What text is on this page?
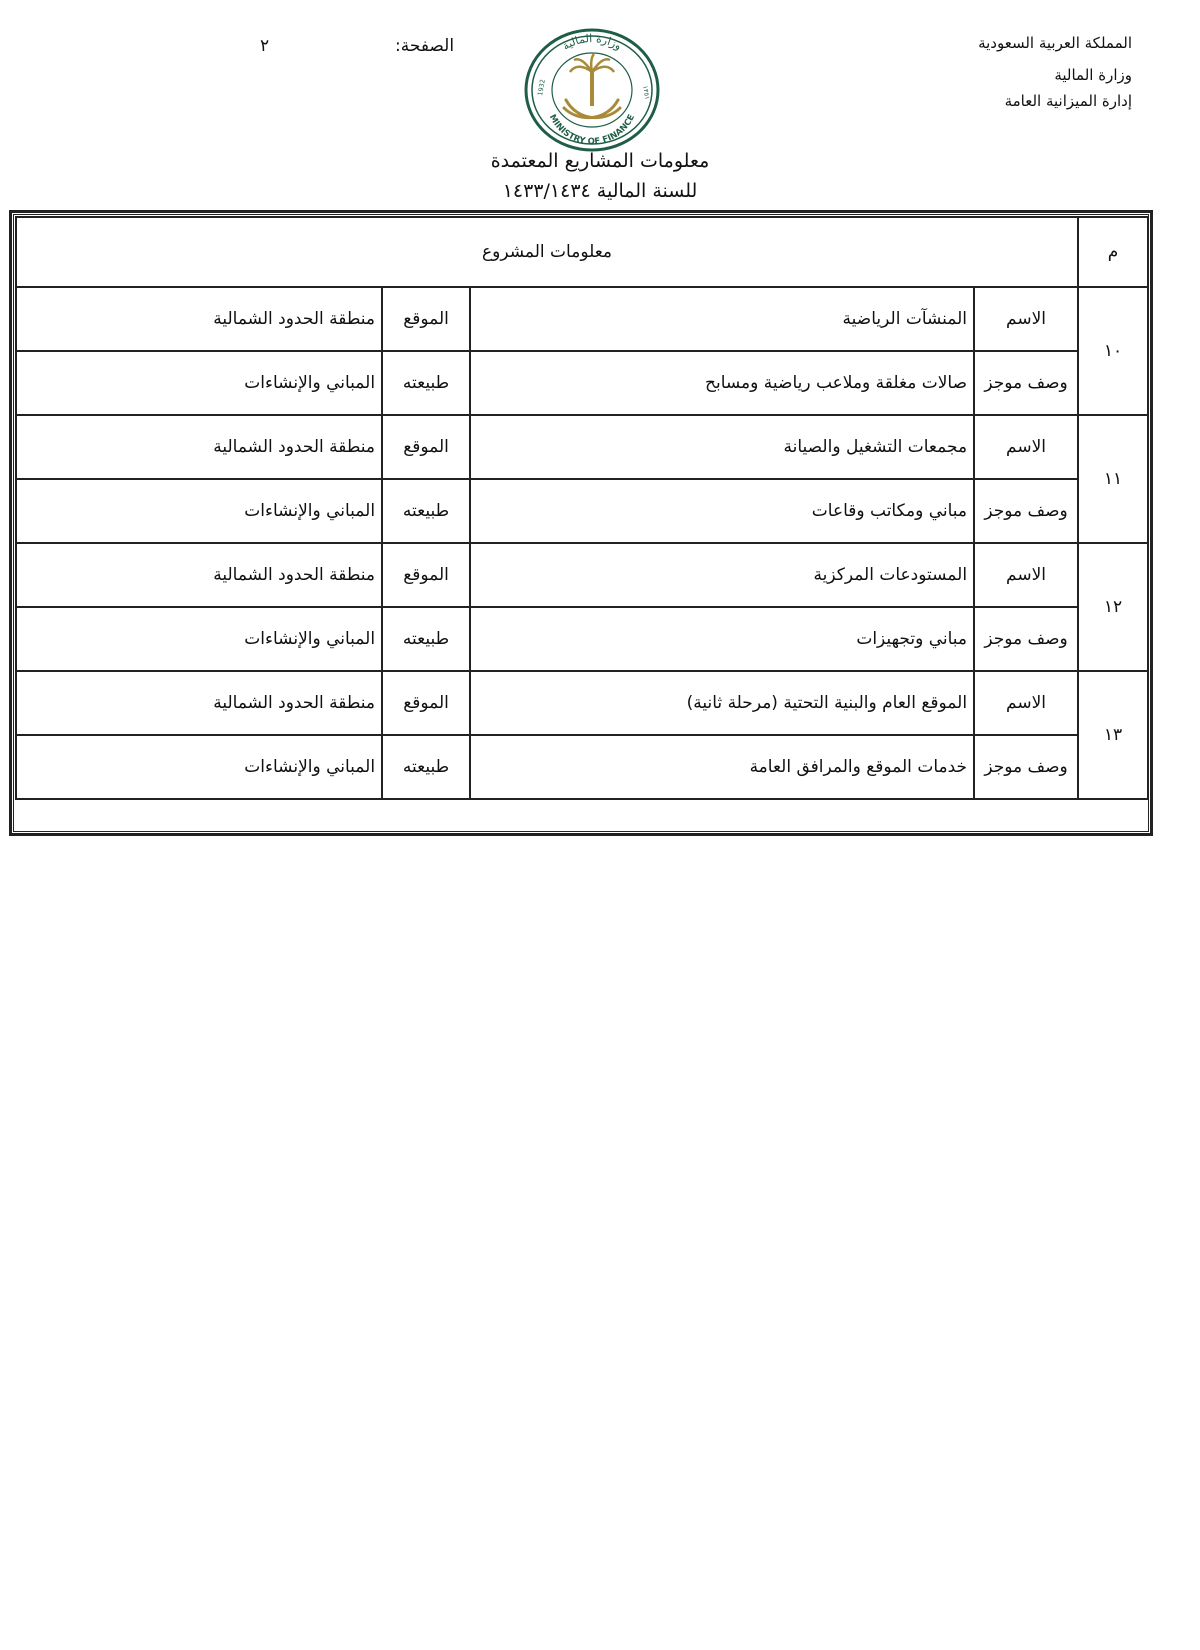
المملكة العربية السعودية
وزارة المالية
إدارة الميزانية العامة
الصفحة:
٢	وزارة المالية
MINISTRY OF FINANCE
1932	١٣٥١
معلومات المشاريع المعتمدة
للسنة المالية ١٤٣٣/١٤٣٤
م	معلومات المشروع			
١٠	الاسم	المنشآت الرياضية	الموقع	منطقة الحدود الشمالية
	وصف موجز	صالات مغلقة وملاعب رياضية ومسابح	طبيعته	المباني والإنشاءات
١١	الاسم	مجمعات التشغيل والصيانة	الموقع	منطقة الحدود الشمالية
	وصف موجز	مباني ومكاتب وقاعات	طبيعته	المباني والإنشاءات
١٢	الاسم	المستودعات المركزية	الموقع	منطقة الحدود الشمالية
	وصف موجز	مباني وتجهيزات	طبيعته	المباني والإنشاءات
١٣	الاسم	الموقع العام والبنية التحتية (مرحلة ثانية)	الموقع	منطقة الحدود الشمالية
	وصف موجز	خدمات الموقع والمرافق العامة	طبيعته	المباني والإنشاءات
